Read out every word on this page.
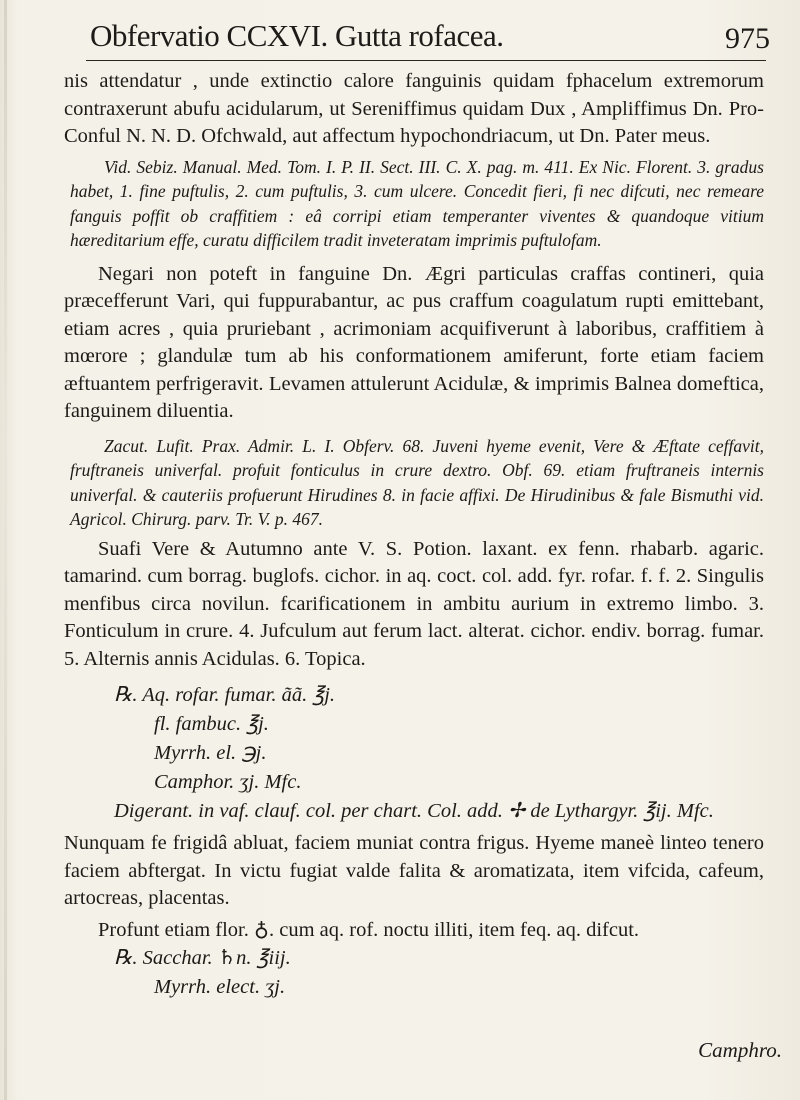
Obfervatio CCXVI. Gutta rofacea.	975

nis attendatur , unde extinctio calore fanguinis quidam fphacelum extremorum contraxerunt abufu acidularum, ut Sereniffimus quidam Dux , Ampliffimus Dn. Pro-Conful N. N. D. Ofchwald, aut affectum hypochondriacum, ut Dn. Pater meus.

Vid. Sebiz. Manual. Med. Tom. I. P. II. Sect. III. C. X. pag. m. 411. Ex Nic. Florent. 3. gradus habet, 1. fine puftulis, 2. cum puftulis, 3. cum ulcere. Concedit fieri, fi nec difcuti, nec remeare fanguis poffit ob craffitiem : eâ corripi etiam temperanter viventes & quandoque vitium hæreditarium effe, curatu difficilem tradit inveteratam imprimis puftulofam.

Negari non poteft in fanguine Dn. Ægri particulas craffas contineri, quia præcefferunt Vari, qui fuppurabantur, ac pus craffum coagulatum rupti emittebant, etiam acres , quia pruriebant , acrimoniam acquifiverunt à laboribus, craffitiem à mœrore ; glandulæ tum ab his conformationem amiferunt, forte etiam faciem æftuantem perfrigeravit. Levamen attulerunt Acidulæ, & imprimis Balnea domeftica, fanguinem diluentia.

Zacut. Lufit. Prax. Admir. L. I. Obferv. 68. Juveni hyeme evenit, Vere & Æftate ceffavit, fruftraneis univerfal. profuit fonticulus in crure dextro. Obf. 69. etiam fruftraneis internis univerfal. & cauteriis profuerunt Hirudines 8. in facie affixi. De Hirudinibus & fale Bismuthi vid. Agricol. Chirurg. parv. Tr. V. p. 467.

Suafi Vere & Autumno ante V. S. Potion. laxant. ex fenn. rhabarb. agaric. tamarind. cum borrag. buglofs. cichor. in aq. coct. col. add. fyr. rofar. f. f. 2. Singulis menfibus circa novilun. fcarificationem in ambitu aurium in extremo limbo. 3. Fonticulum in crure. 4. Jufculum aut ferum lact. alterat. cichor. endiv. borrag. fumar. 5. Alternis annis Acidulas. 6. Topica.

℞. Aq. rofar. fumar. ãã. ℥j.

fl. fambuc. ℥j.

Myrrh. el. ℈j.

Camphor. ʒj. Mfc.

Digerant. in vaf. clauf. col. per chart. Col. add. ✢ de Lythargyr. ℥ij. Mfc.

Nunquam fe frigidâ abluat, faciem muniat contra frigus. Hyeme maneè linteo tenero faciem abftergat. In victu fugiat valde falita & aromatizata, item vifcida, cafeum, artocreas, placentas.

Profunt etiam flor. ♁. cum aq. rof. noctu illiti, item feq. aq. difcut.

℞. Sacchar. ♄n. ℥iij.

Myrrh. elect. ʒj.

Camphro.
